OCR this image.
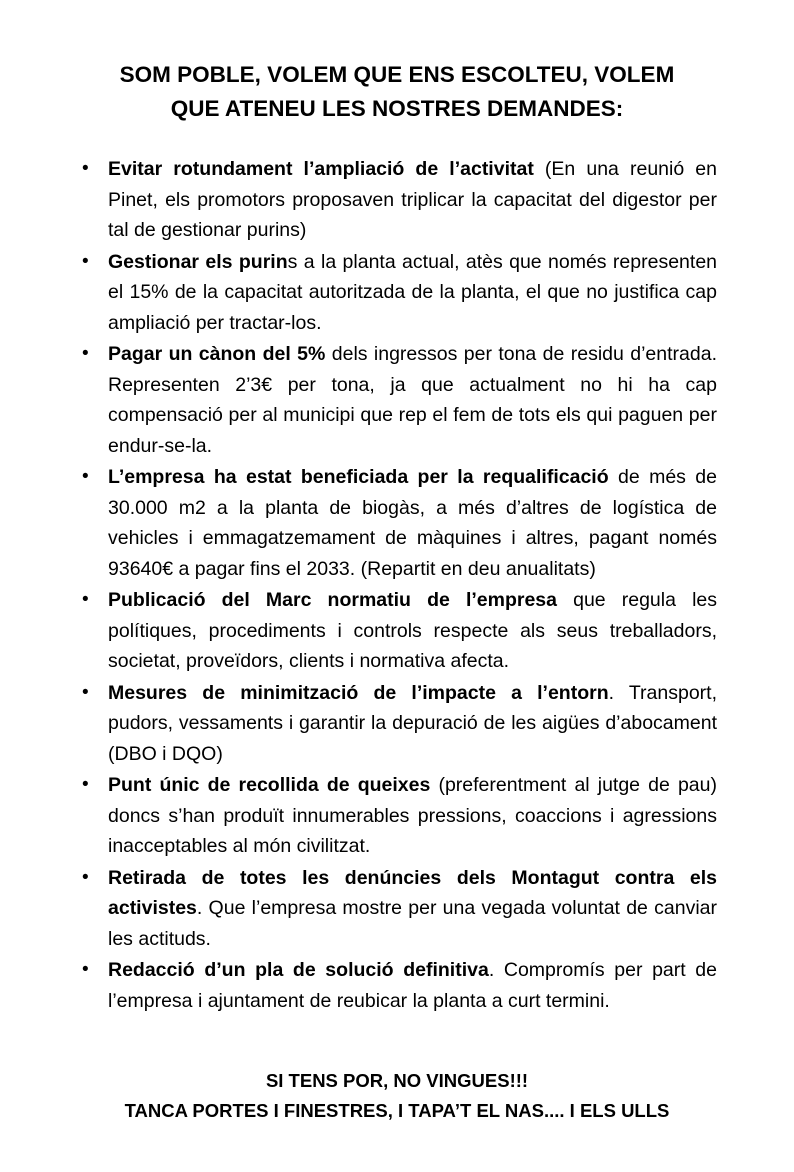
SOM POBLE, VOLEM QUE ENS ESCOLTEU, VOLEM
QUE ATENEU LES NOSTRES DEMANDES:
• Evitar rotundament l’ampliació de l’activitat (En una reunió en Pinet, els promotors proposaven triplicar la capacitat del digestor per tal de gestionar purins)
• Gestionar els purins a la planta actual, atès que només representen el 15% de la capacitat autoritzada de la planta, el que no justifica cap ampliació per tractar-los.
• Pagar un cànon del 5% dels ingressos per tona de residu d’entrada. Representen 2’3€ per tona, ja que actualment no hi ha cap compensació per al municipi que rep el fem de tots els qui paguen per endur-se-la.
• L’empresa ha estat beneficiada per la requalificació de més de 30.000 m2 a la planta de biogàs, a més d’altres de logística de vehicles i emmagatzemament de màquines i altres, pagant només 93640€ a pagar fins el 2033. (Repartit en deu anualitats)
• Publicació del Marc normatiu de l’empresa que regula les polítiques, procediments i controls respecte als seus treballadors, societat, proveïdors, clients i normativa afecta.
• Mesures de minimització de l’impacte a l’entorn. Transport, pudors, vessaments i garantir la depuració de les aigües d’abocament (DBO i DQO)
• Punt únic de recollida de queixes (preferentment al jutge de pau) doncs s’han produït innumerables pressions, coaccions i agressions inacceptables al món civilitzat.
• Retirada de totes les denúncies dels Montagut contra els activistes. Que l’empresa mostre per una vegada voluntat de canviar les actituds.
• Redacció d’un pla de solució definitiva. Compromís per part de l’empresa i ajuntament de reubicar la planta a curt termini.
SI TENS POR, NO VINGUES!!!
TANCA PORTES I FINESTRES, I TAPA’T EL NAS.... I ELS ULLS
